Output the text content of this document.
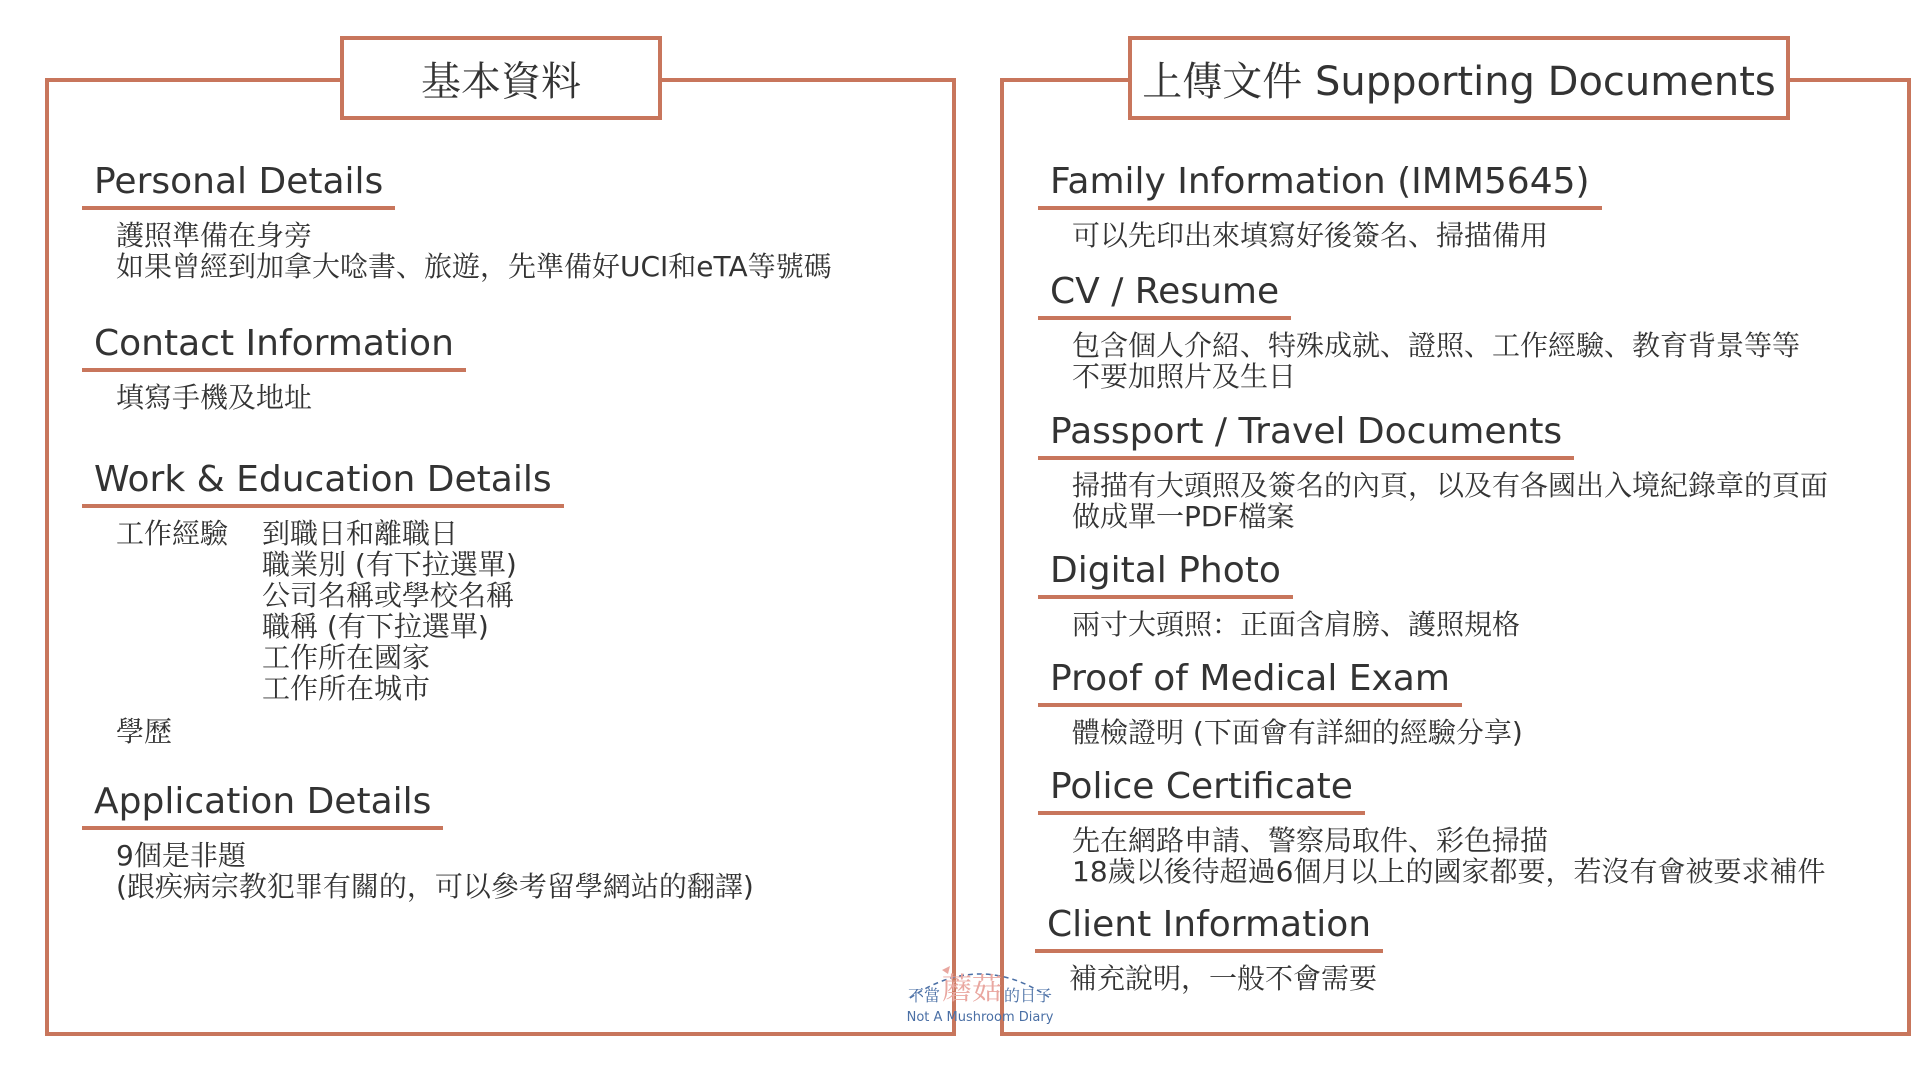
基本資料
Personal Details
護照準備在身旁
如果曾經到加拿大唸書、旅遊，先準備好UCI和eTA等號碼
Contact Information
填寫手機及地址
Work & Education Details
工作經驗	到職日和離職日
職業別 (有下拉選單)
公司名稱或學校名稱
職稱 (有下拉選單)
工作所在國家
工作所在城市
學歷
Application Details
9個是非題
(跟疾病宗教犯罪有關的，可以參考留學網站的翻譯)
上傳文件 Supporting Documents
Family Information (IMM5645)
可以先印出來填寫好後簽名、掃描備用
CV / Resume
包含個人介紹、特殊成就、證照、工作經驗、教育背景等等
不要加照片及生日
Passport / Travel Documents
掃描有大頭照及簽名的內頁，以及有各國出入境紀錄章的頁面
做成單一PDF檔案
Digital Photo
兩寸大頭照：正面含肩膀、護照規格
Proof of Medical Exam
體檢證明 (下面會有詳細的經驗分享)
Police Certificate
先在網路申請、警察局取件、彩色掃描
18歲以後待超過6個月以上的國家都要，若沒有會被要求補件
Client Information
補充說明，一般不會需要
不當 蘑菇 的日子
Not A Mushroom Diary
